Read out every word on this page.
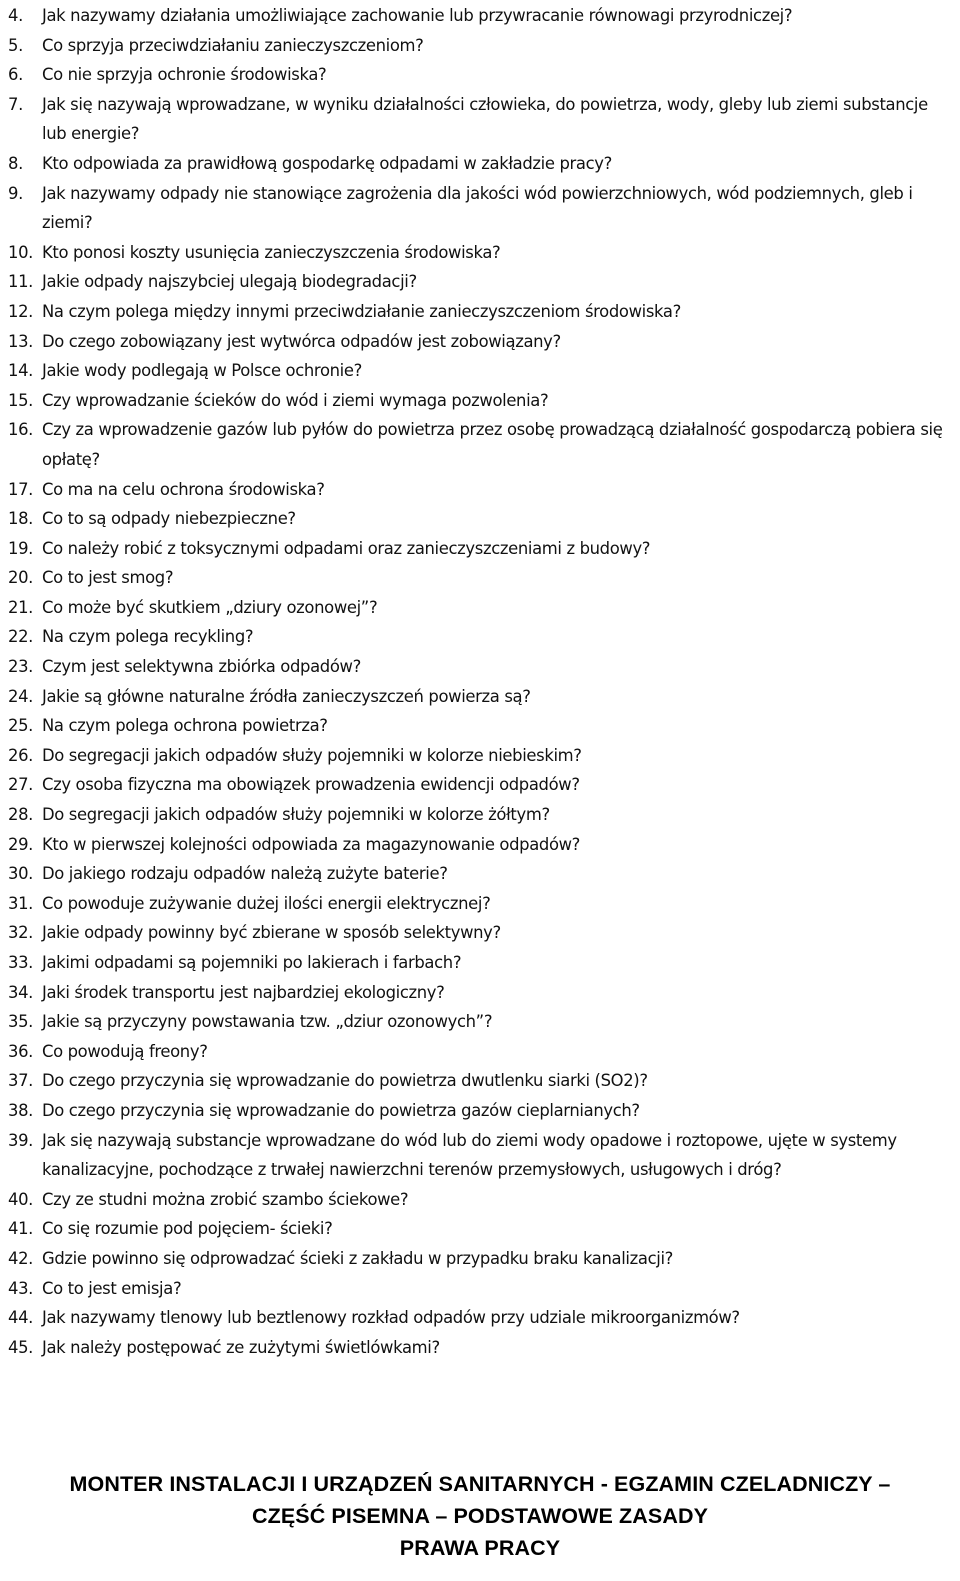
4. Jak nazywamy działania umożliwiające zachowanie lub przywracanie równowagi przyrodniczej?
5. Co sprzyja przeciwdziałaniu zanieczyszczeniom?
6. Co nie sprzyja ochronie środowiska?
7. Jak się nazywają wprowadzane, w wyniku działalności człowieka, do powietrza, wody, gleby lub ziemi substancje lub energie?
8. Kto odpowiada za prawidłową gospodarkę odpadami w zakładzie pracy?
9. Jak nazywamy odpady nie stanowiące zagrożenia dla jakości wód powierzchniowych, wód podziemnych, gleb i ziemi?
10. Kto ponosi koszty usunięcia zanieczyszczenia środowiska?
11. Jakie odpady najszybciej ulegają biodegradacji?
12. Na czym polega między innymi przeciwdziałanie zanieczyszczeniom środowiska?
13. Do czego zobowiązany jest wytwórca odpadów jest zobowiązany?
14. Jakie wody podlegają w Polsce ochronie?
15. Czy wprowadzanie ścieków do wód i ziemi wymaga pozwolenia?
16. Czy za wprowadzenie gazów lub pyłów do powietrza przez osobę prowadzącą działalność gospodarczą pobiera się opłatę?
17. Co ma na celu ochrona środowiska?
18. Co to są odpady niebezpieczne?
19. Co należy robić z toksycznymi odpadami oraz zanieczyszczeniami z budowy?
20. Co to jest smog?
21. Co może być skutkiem „dziury ozonowej”?
22. Na czym polega recykling?
23. Czym jest selektywna zbiórka odpadów?
24. Jakie są główne naturalne źródła zanieczyszczeń powierza są?
25. Na czym polega ochrona powietrza?
26. Do segregacji jakich odpadów służy pojemniki w kolorze niebieskim?
27. Czy osoba fizyczna ma obowiązek prowadzenia ewidencji odpadów?
28. Do segregacji jakich odpadów służy pojemniki w kolorze żółtym?
29. Kto w pierwszej kolejności odpowiada za magazynowanie odpadów?
30. Do jakiego rodzaju odpadów należą zużyte baterie?
31. Co powoduje zużywanie dużej ilości energii elektrycznej?
32. Jakie odpady powinny być zbierane w sposób selektywny?
33. Jakimi odpadami są pojemniki po lakierach i farbach?
34. Jaki środek transportu jest najbardziej ekologiczny?
35. Jakie są przyczyny powstawania tzw. „dziur ozonowych”?
36. Co powodują freony?
37. Do czego przyczynia się wprowadzanie do powietrza dwutlenku siarki (SO2)?
38. Do czego przyczynia się wprowadzanie do powietrza gazów cieplarnianych?
39. Jak się nazywają substancje wprowadzane do wód lub do ziemi wody opadowe i roztopowe, ujęte w systemy kanalizacyjne, pochodzące z trwałej nawierzchni terenów przemysłowych, usługowych i dróg?
40. Czy ze studni można zrobić szambo ściekowe?
41. Co się rozumie pod pojęciem- ścieki?
42. Gdzie powinno się odprowadzać ścieki z zakładu w przypadku braku kanalizacji?
43. Co to jest emisja?
44. Jak nazywamy tlenowy lub beztlenowy rozkład odpadów przy udziale mikroorganizmów?
45. Jak należy postępować ze zużytymi świetlówkami?
MONTER INSTALACJI I URZĄDZEŃ SANITARNYCH - EGZAMIN CZELADNICZY –
CZĘŚĆ PISEMNA – PODSTAWOWE ZASADY
PRAWA PRACY
